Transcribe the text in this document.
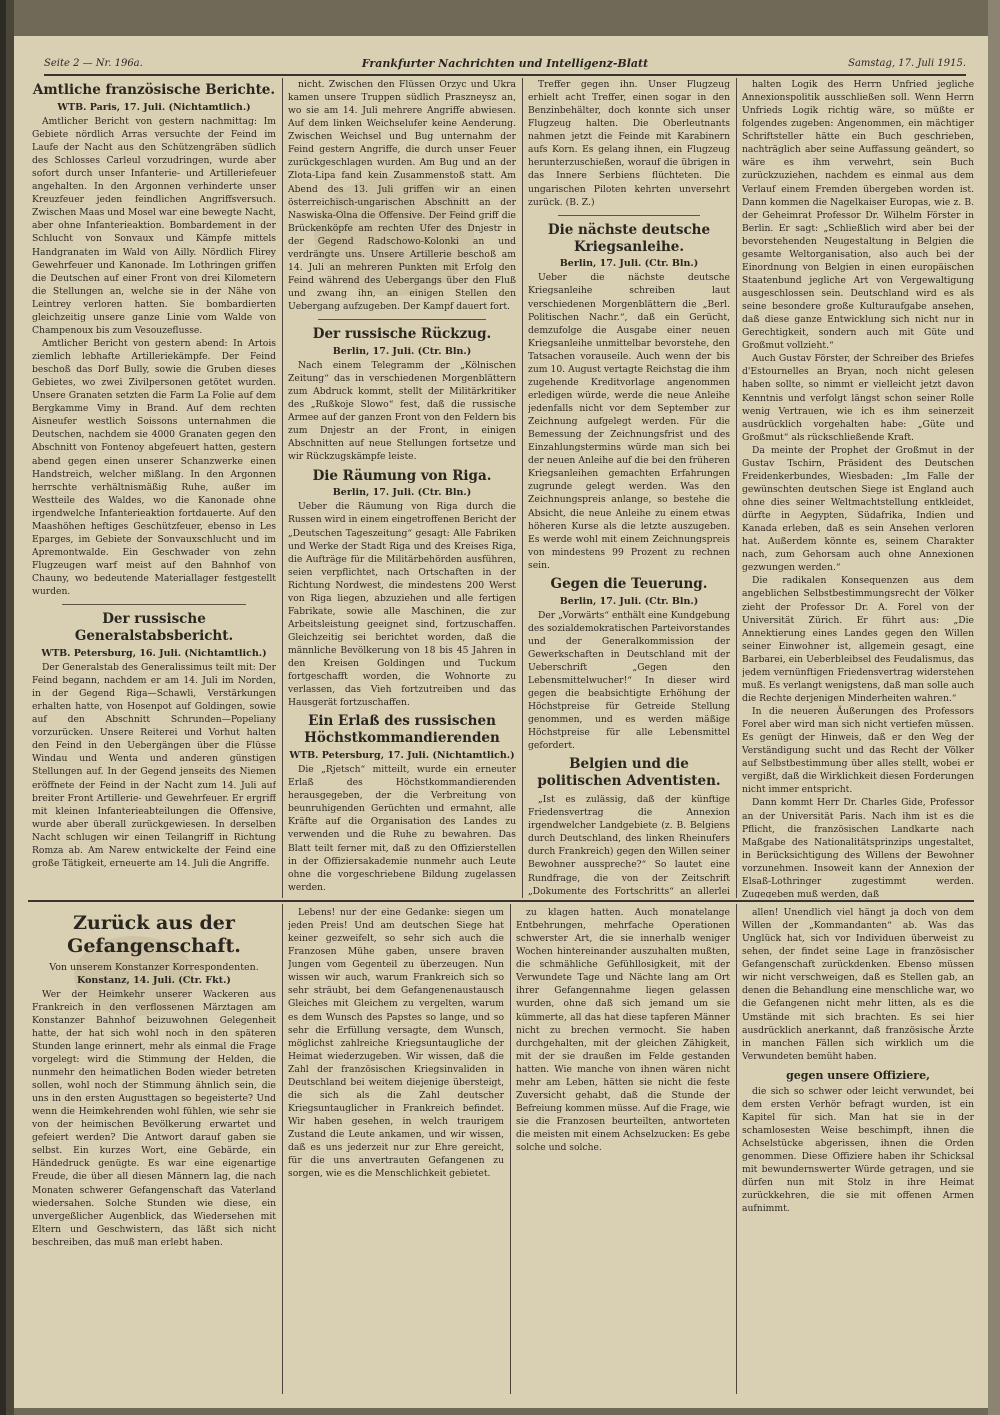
Seite 2 — Nr. 196a.	Frankfurter Nachrichten und Intelligenz-Blatt	Samstag, 17. Juli 1915.
Amtliche französische Berichte.
WTB. Paris, 17. Juli. (Nichtamtlich.)

Amtlicher Bericht von gestern nachmittag: Im Gebiete nördlich Arras versuchte der Feind im Laufe der Nacht aus den Schützengräben südlich des Schlosses Carleul vorzudringen, wurde aber sofort durch unser Infanterie- und Artilleriefeuer angehalten. In den Argonnen verhinderte unser Kreuzfeuer jeden feindlichen Angriffsversuch. Zwischen Maas und Mosel war eine bewegte Nacht, aber ohne Infanterieaktion. Bombardement in der Schlucht von Sonvaux und Kämpfe mittels Handgranaten im Wald von Ailly. Nördlich Flirey Gewehrfeuer und Kanonade. Im Lothringen griffen die Deutschen auf einer Front von drei Kilometern die Stellungen an, welche sie in der Nähe von Leintrey verloren hatten. Sie bombardierten gleichzeitig unsere ganze Linie vom Walde von Champenoux bis zum Vesouzeflusse.

Amtlicher Bericht von gestern abend: In Artois ziemlich lebhafte Artilleriekämpfe. Der Feind beschoß das Dorf Bully, sowie die Gruben dieses Gebietes, wo zwei Zivilpersonen getötet wurden. Unsere Granaten setzten die Farm La Folie auf dem Bergkamme Vimy in Brand. Auf dem rechten Aisneufer westlich Soissons unternahmen die Deutschen, nachdem sie 4000 Granaten gegen den Abschnitt von Fontenoy abgefeuert hatten, gestern abend gegen einen unserer Schanzwerke einen Handstreich, welcher mißlang. In den Argonnen herrschte verhältnismäßig Ruhe, außer im Westteile des Waldes, wo die Kanonade ohne irgendwelche Infanterieaktion fortdauerte. Auf den Maashöhen heftiges Geschützfeuer, ebenso in Les Eparges, im Gebiete der Sonvauxschlucht und im Apremontwalde. Ein Geschwader von zehn Flugzeugen warf meist auf den Bahnhof von Chauny, wo bedeutende Materiallager festgestellt wurden.

Der russische Generalstabsbericht.
WTB. Petersburg, 16. Juli. (Nichtamtlich.)

Der Generalstab des Generalissimus teilt mit: Der Feind begann, nachdem er am 14. Juli im Norden, in der Gegend Riga—Schawli, Verstärkungen erhalten hatte, von Hosenpot auf Goldingen, sowie auf den Abschnitt Schrunden—Popeliany vorzurücken. Unsere Reiterei und Vorhut halten den Feind in den Uebergängen über die Flüsse Windau und Wenta und anderen günstigen Stellungen auf. In der Gegend jenseits des Niemen eröffnete der Feind in der Nacht zum 14. Juli auf breiter Front Artillerie- und Gewehrfeuer. Er ergriff mit kleinen Infanterieabteilungen die Offensive, wurde aber überall zurückgewiesen. In derselben Nacht schlugen wir einen Teilangriff in Richtung Romza ab. Am Narew entwickelte der Feind eine große Tätigkeit, erneuerte am 14. Juli die Angriffe.

nicht. Zwischen den Flüssen Orzyc und Ukra kamen unsere Truppen südlich Praszneysz an, wo sie am 14. Juli mehrere Angriffe abwiesen. Auf dem linken Weichselufer keine Aenderung. Zwischen Weichsel und Bug unternahm der Feind gestern Angriffe, die durch unser Feuer zurückgeschlagen wurden. Am Bug und an der Zlota-Lipa fand kein Zusammenstoß statt. Am Abend des 13. Juli griffen wir an einen österreichisch-ungarischen Abschnitt an der Naswiska-Olna die Offensive. Der Feind griff die Brückenköpfe am rechten Ufer des Dnjestr in der Gegend Radschowo-Kolonki an und verdrängte uns. Unsere Artillerie beschoß am 14. Juli an mehreren Punkten mit Erfolg den Feind während des Uebergangs über den Fluß und zwang ihn, an einigen Stellen den Uebergang aufzugeben. Der Kampf dauert fort.

Der russische Rückzug.
Berlin, 17. Juli. (Ctr. Bln.)

Nach einem Telegramm der „Kölnischen Zeitung“ das in verschiedenen Morgenblättern zum Abdruck kommt, stellt der Militärkritiker des „Rußkoje Slowo“ fest, daß die russische Armee auf der ganzen Front von den Feldern bis zum Dnjestr an der Front, in einigen Abschnitten auf neue Stellungen fortsetze und wir Rückzugskämpfe leiste.

Die Räumung von Riga.
Berlin, 17. Juli. (Ctr. Bln.)

Ueber die Räumung von Riga durch die Russen wird in einem eingetroffenen Bericht der „Deutschen Tageszeitung“ gesagt: Alle Fabriken und Werke der Stadt Riga und des Kreises Riga, die Aufträge für die Militärbehörden ausführen, seien verpflichtet, nach Ortschaften in der Richtung Nordwest, die mindestens 200 Werst von Riga liegen, abzuziehen und alle fertigen Fabrikate, sowie alle Maschinen, die zur Arbeitsleistung geeignet sind, fortzuschaffen. Gleichzeitig sei berichtet worden, daß die männliche Bevölkerung von 18 bis 45 Jahren in den Kreisen Goldingen und Tuckum fortgeschafft worden, die Wohnorte zu verlassen, das Vieh fortzutreiben und das Hausgerät fortzuschaffen.

Ein Erlaß des russischen Höchstkommandierenden
WTB. Petersburg, 17. Juli. (Nichtamtlich.)

Die „Rjetsch“ mitteilt, wurde ein erneuter Erlaß des Höchstkommandierenden herausgegeben, der die Verbreitung von beunruhigenden Gerüchten und ermahnt, alle Kräfte auf die Organisation des Landes zu verwenden und die Ruhe zu bewahren. Das Blatt teilt ferner mit, daß zu den Offizierstellen in der Offiziersakademie nunmehr auch Leute ohne die vorgeschriebene Bildung zugelassen werden.

Treffer gegen ihn. Unser Flugzeug erhielt acht Treffer, einen sogar in den Benzinbehälter, doch konnte sich unser Flugzeug halten. Die Oberleutnants nahmen jetzt die Feinde mit Karabinern aufs Korn. Es gelang ihnen, ein Flugzeug herunterzuschießen, worauf die übrigen in das Innere Serbiens flüchteten. Die ungarischen Piloten kehrten unversehrt zurück. (B. Z.)

Die nächste deutsche Kriegsanleihe.
Berlin, 17. Juli. (Ctr. Bln.)

Ueber die nächste deutsche Kriegsanleihe schreiben laut verschiedenen Morgenblättern die „Berl. Politischen Nachr.“, daß ein Gerücht, demzufolge die Ausgabe einer neuen Kriegsanleihe unmittelbar bevorstehe, den Tatsachen vorauseile. Auch wenn der bis zum 10. August vertagte Reichstag die ihm zugehende Kreditvorlage angenommen erledigen würde, werde die neue Anleihe jedenfalls nicht vor dem September zur Zeichnung aufgelegt werden. Für die Bemessung der Zeichnungsfrist und des Einzahlungstermins würde man sich bei der neuen Anleihe auf die bei den früheren Kriegsanleihen gemachten Erfahrungen zugrunde gelegt werden. Was den Zeichnungspreis anlange, so bestehe die Absicht, die neue Anleihe zu einem etwas höheren Kurse als die letzte auszugeben. Es werde wohl mit einem Zeichnungspreis von mindestens 99 Prozent zu rechnen sein.

Gegen die Teuerung.
Berlin, 17. Juli. (Ctr. Bln.)

Der „Vorwärts“ enthält eine Kundgebung des sozialdemokratischen Parteivorstandes und der Generalkommission der Gewerkschaften in Deutschland mit der Ueberschrift „Gegen den Lebensmittelwucher!“ In dieser wird gegen die beabsichtigte Erhöhung der Höchstpreise für Getreide Stellung genommen, und es werden mäßige Höchstpreise für alle Lebensmittel gefordert.

Belgien und die politischen Adventisten.

„Ist es zulässig, daß der künftige Friedensvertrag die Annexion irgendwelcher Landgebiete (z. B. Belgiens durch Deutschland, des linken Rheinufers durch Frankreich) gegen den Willen seiner Bewohner ausspreche?“ So lautet eine Rundfrage, die von der Zeitschrift „Dokumente des Fortschritts“ an allerlei

halten Logik des Herrn Unfried jegliche Annexionspolitik ausschließen soll. Wenn Herrn Unfrieds Logik richtig wäre, so müßte er folgendes zugeben: Angenommen, ein mächtiger Schriftsteller hätte ein Buch geschrieben, nachträglich aber seine Auffassung geändert, so wäre es ihm verwehrt, sein Buch zurückzuziehen, nachdem es einmal aus dem Verlauf einem Fremden übergeben worden ist. Dann kommen die Nagelkaiser Europas, wie z. B. der Geheimrat Professor Dr. Wilhelm Förster in Berlin. Er sagt: „Schließlich wird aber bei der bevorstehenden Neugestaltung in Belgien die gesamte Weltorganisation, also auch bei der Einordnung von Belgien in einen europäischen Staatenbund jegliche Art von Vergewaltigung ausgeschlossen sein. Deutschland wird es als seine besondere große Kulturaufgabe ansehen, daß diese ganze Entwicklung sich nicht nur in Gerechtigkeit, sondern auch mit Güte und Großmut vollzieht.“

Auch Gustav Förster, der Schreiber des Briefes d'Estournelles an Bryan, noch nicht gelesen haben sollte, so nimmt er vielleicht jetzt davon Kenntnis und verfolgt längst schon seiner Rolle wenig Vertrauen, wie ich es ihm seinerzeit ausdrücklich vorgehalten habe: „Güte und Großmut“ als rückschließende Kraft.

Da meinte der Prophet der Großmut in der Gustav Tschirn, Präsident des Deutschen Freidenkerbundes, Wiesbaden: „Im Falle der gewünschten deutschen Siege ist England auch ohne dies seiner Weltmachtstellung entkleidet, dürfte in Aegypten, Südafrika, Indien und Kanada erleben, daß es sein Ansehen verloren hat. Außerdem könnte es, seinem Charakter nach, zum Gehorsam auch ohne Annexionen gezwungen werden.“

Die radikalen Konsequenzen aus dem angeblichen Selbstbestimmungsrecht der Völker zieht der Professor Dr. A. Forel von der Universität Zürich. Er führt aus: „Die Annektierung eines Landes gegen den Willen seiner Einwohner ist, allgemein gesagt, eine Barbarei, ein Ueberbleibsel des Feudalismus, das jedem vernünftigen Friedensvertrag widerstehen muß. Es verlangt wenigstens, daß man solle auch die Rechte derjenigen Minderheiten wahren.“

In die neueren Äußerungen des Professors Forel aber wird man sich nicht vertiefen müssen. Es genügt der Hinweis, daß er den Weg der Verständigung sucht und das Recht der Völker auf Selbstbestimmung über alles stellt, wobei er vergißt, daß die Wirklichkeit diesen Forderungen nicht immer entspricht.

Dann kommt Herr Dr. Charles Gide, Professor an der Universität Paris. Nach ihm ist es die Pflicht, die französischen Landkarte nach Maßgabe des Nationalitätsprinzips ungestaltet, in Berücksichtigung des Willens der Bewohner vorzunehmen. Insoweit kann der Annexion der Elsaß-Lothringer zugestimmt werden. Zugegeben muß werden, daß

Zurück aus der Gefangenschaft.
Von unserem Konstanzer Korrespondenten.
Konstanz, 14. Juli. (Ctr. Fkt.)

Wer der Heimkehr unserer Wackeren aus Frankreich in den verflossenen Märztagen am Konstanzer Bahnhof beizuwohnen Gelegenheit hatte, der hat sich wohl noch in den späteren Stunden lange erinnert, mehr als einmal die Frage vorgelegt: wird die Stimmung der Helden, die nunmehr den heimatlichen Boden wieder betreten sollen, wohl noch der Stimmung ähnlich sein, die uns in den ersten Augusttagen so begeisterte? Und wenn die Heimkehrenden wohl fühlen, wie sehr sie von der heimischen Bevölkerung erwartet und gefeiert werden? Die Antwort darauf gaben sie selbst. Ein kurzes Wort, eine Gebärde, ein Händedruck genügte. Es war eine eigenartige Freude, die über all diesen Männern lag, die nach Monaten schwerer Gefangenschaft das Vaterland wiedersahen. Solche Stunden wie diese, ein unvergeßlicher Augenblick, das Wiedersehen mit Eltern und Geschwistern, das läßt sich nicht beschreiben, das muß man erlebt haben.

Lebens! nur der eine Gedanke: siegen um jeden Preis! Und am deutschen Siege hat keiner gezweifelt, so sehr sich auch die Franzosen Mühe gaben, unsere braven Jungen vom Gegenteil zu überzeugen. Nun wissen wir auch, warum Frankreich sich so sehr sträubt, bei dem Gefangenenaustausch Gleiches mit Gleichem zu vergelten, warum es dem Wunsch des Papstes so lange, und so sehr die Erfüllung versagte, dem Wunsch, möglichst zahlreiche Kriegsuntaugliche der Heimat wiederzugeben. Wir wissen, daß die Zahl der französischen Kriegsinvaliden in Deutschland bei weitem diejenige übersteigt, die sich als die Zahl deutscher Kriegsuntauglicher in Frankreich befindet. Wir haben gesehen, in welch traurigem Zustand die Leute ankamen, und wir wissen, daß es uns jederzeit nur zur Ehre gereicht, für die uns anvertrauten Gefangenen zu sorgen, wie es die Menschlichkeit gebietet.

zu klagen hatten. Auch monatelange Entbehrungen, mehrfache Operationen schwerster Art, die sie innerhalb weniger Wochen hintereinander auszuhalten mußten, die schmähliche Gefühllosigkeit, mit der Verwundete Tage und Nächte lang am Ort ihrer Gefangennahme liegen gelassen wurden, ohne daß sich jemand um sie kümmerte, all das hat diese tapferen Männer nicht zu brechen vermocht. Sie haben durchgehalten, mit der gleichen Zähigkeit, mit der sie draußen im Felde gestanden hatten. Wie manche von ihnen wären nicht mehr am Leben, hätten sie nicht die feste Zuversicht gehabt, daß die Stunde der Befreiung kommen müsse. Auf die Frage, wie sie die Franzosen beurteilten, antworteten die meisten mit einem Achselzucken: Es gebe solche und solche.

allen! Unendlich viel hängt ja doch von dem Willen der „Kommandanten“ ab. Was das Unglück hat, sich vor Individuen überweist zu sehen, der findet seine Lage in französischer Gefangenschaft zurückdenken. Ebenso müssen wir nicht verschweigen, daß es Stellen gab, an denen die Behandlung eine menschliche war, wo die Gefangenen nicht mehr litten, als es die Umstände mit sich brachten. Es sei hier ausdrücklich anerkannt, daß französische Ärzte in manchen Fällen sich wirklich um die Verwundeten bemüht haben.

gegen unsere Offiziere,

die sich so schwer oder leicht verwundet, bei dem ersten Verhör befragt wurden, ist ein Kapitel für sich. Man hat sie in der schamlosesten Weise beschimpft, ihnen die Achselstücke abgerissen, ihnen die Orden genommen. Diese Offiziere haben ihr Schicksal mit bewundernswerter Würde getragen, und sie dürfen nun mit Stolz in ihre Heimat zurückkehren, die sie mit offenen Armen aufnimmt.
